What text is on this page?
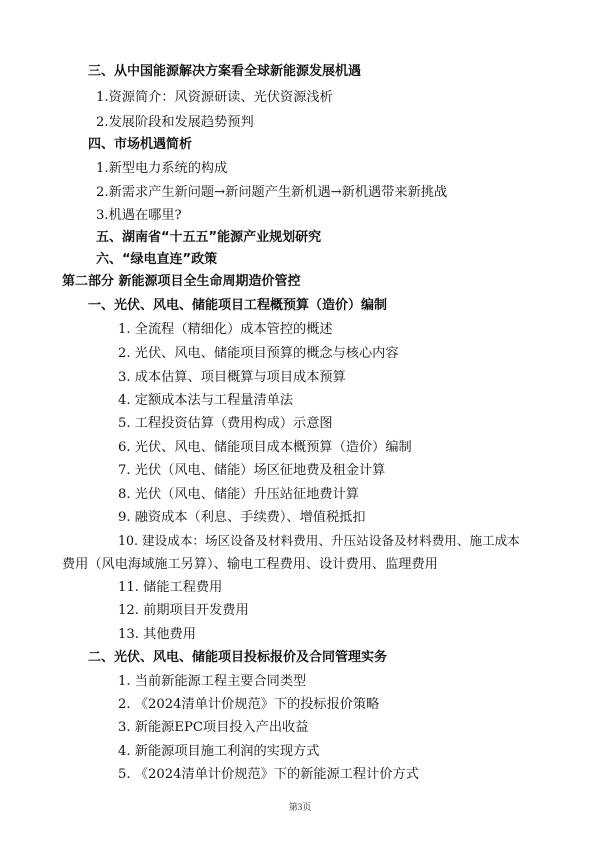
三、从中国能源解决方案看全球新能源发展机遇
1.资源简介：风资源研读、光伏资源浅析
2.发展阶段和发展趋势预判
四、市场机遇简析
1.新型电力系统的构成
2.新需求产生新问题→新问题产生新机遇→新机遇带来新挑战
3.机遇在哪里?
五、湖南省“十五五”能源产业规划研究
六、“绿电直连”政策
第二部分 新能源项目全生命周期造价管控
一、光伏、风电、储能项目工程概预算（造价）编制
1. 全流程（精细化）成本管控的概述
2. 光伏、风电、储能项目预算的概念与核心内容
3. 成本估算、项目概算与项目成本预算
4. 定额成本法与工程量清单法
5. 工程投资估算（费用构成）示意图
6. 光伏、风电、储能项目成本概预算（造价）编制
7. 光伏（风电、储能）场区征地费及租金计算
8. 光伏（风电、储能）升压站征地费计算
9. 融资成本（利息、手续费）、增值税抵扣
10. 建设成本：场区设备及材料费用、升压站设备及材料费用、施工成本
费用（风电海域施工另算）、输电工程费用、设计费用、监理费用
11. 储能工程费用
12. 前期项目开发费用
13. 其他费用
二、光伏、风电、储能项目投标报价及合同管理实务
1. 当前新能源工程主要合同类型
2. 《2024清单计价规范》下的投标报价策略
3. 新能源EPC项目投入产出收益
4. 新能源项目施工利润的实现方式
5. 《2024清单计价规范》下的新能源工程计价方式
第3页
